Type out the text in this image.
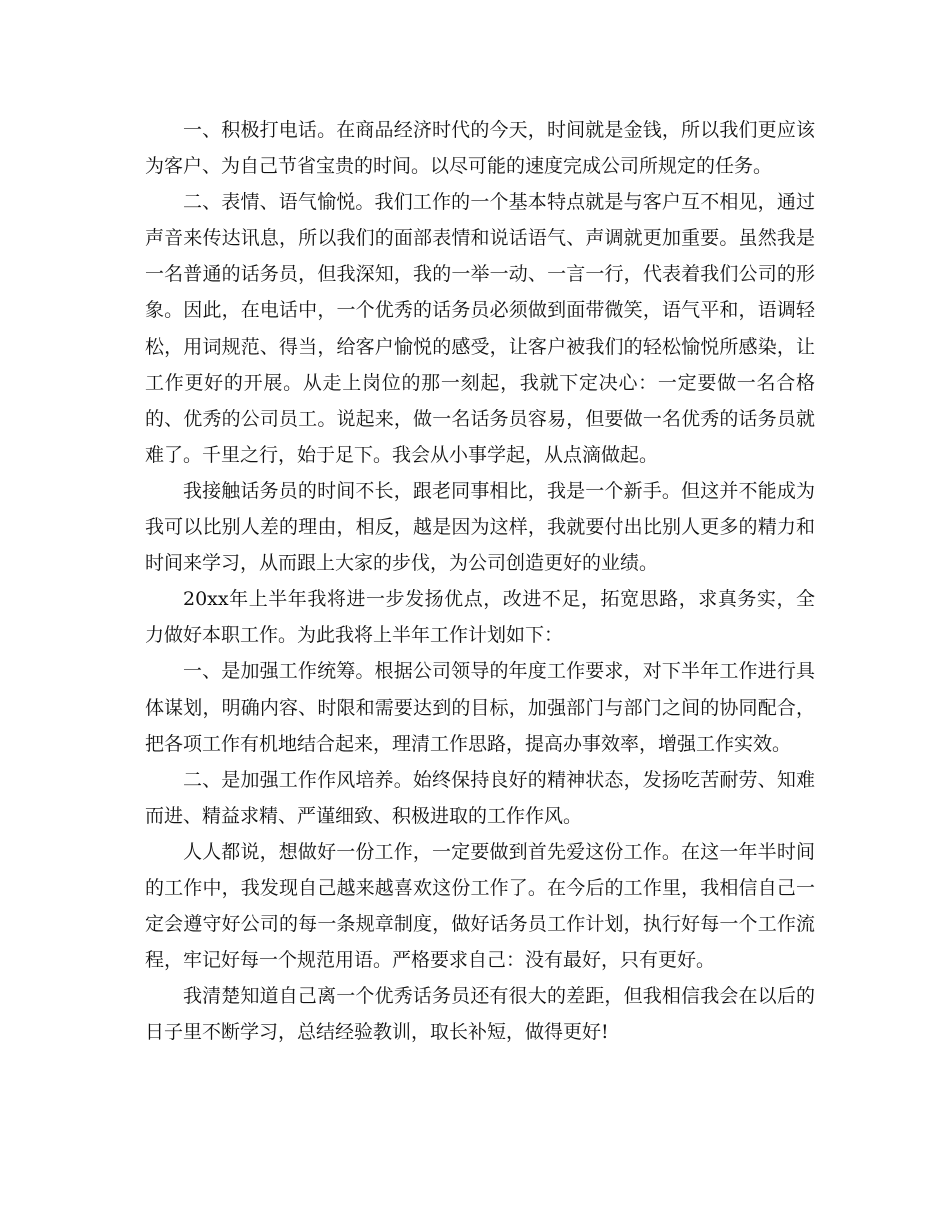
一、积极打电话。在商品经济时代的今天，时间就是金钱，所以我们更应该为客户、为自己节省宝贵的时间。以尽可能的速度完成公司所规定的任务。

二、表情、语气愉悦。我们工作的一个基本特点就是与客户互不相见，通过声音来传达讯息，所以我们的面部表情和说话语气、声调就更加重要。虽然我是一名普通的话务员，但我深知，我的一举一动、一言一行，代表着我们公司的形象。因此，在电话中，一个优秀的话务员必须做到面带微笑，语气平和，语调轻松，用词规范、得当，给客户愉悦的感受，让客户被我们的轻松愉悦所感染，让工作更好的开展。从走上岗位的那一刻起，我就下定决心：一定要做一名合格的、优秀的公司员工。说起来，做一名话务员容易，但要做一名优秀的话务员就难了。千里之行，始于足下。我会从小事学起，从点滴做起。

我接触话务员的时间不长，跟老同事相比，我是一个新手。但这并不能成为我可以比别人差的理由，相反，越是因为这样，我就要付出比别人更多的精力和时间来学习，从而跟上大家的步伐，为公司创造更好的业绩。

20xx年上半年我将进一步发扬优点，改进不足，拓宽思路，求真务实，全力做好本职工作。为此我将上半年工作计划如下：

一、是加强工作统筹。根据公司领导的年度工作要求，对下半年工作进行具体谋划，明确内容、时限和需要达到的目标，加强部门与部门之间的协同配合，把各项工作有机地结合起来，理清工作思路，提高办事效率，增强工作实效。

二、是加强工作作风培养。始终保持良好的精神状态，发扬吃苦耐劳、知难而进、精益求精、严谨细致、积极进取的工作作风。

人人都说，想做好一份工作，一定要做到首先爱这份工作。在这一年半时间的工作中，我发现自己越来越喜欢这份工作了。在今后的工作里，我相信自己一定会遵守好公司的每一条规章制度，做好话务员工作计划，执行好每一个工作流程，牢记好每一个规范用语。严格要求自己：没有最好，只有更好。

我清楚知道自己离一个优秀话务员还有很大的差距，但我相信我会在以后的日子里不断学习，总结经验教训，取长补短，做得更好!
